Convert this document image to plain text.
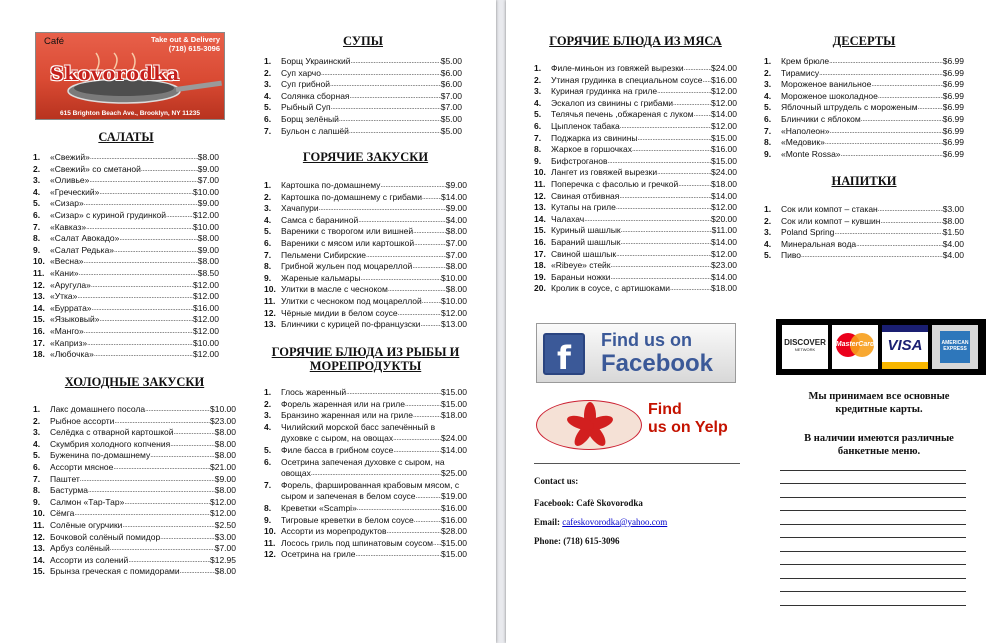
Café	Take out & Delivery
(718) 615-3096
Skovorodka
615 Brighton Beach Ave., Brooklyn, NY 11235
САЛАТЫ
1.	«Свежий» .....	$8.00
2.	«Свежий» со сметаной .....	$9.00
3.	«Оливье» .....	$7.00
4.	«Греческий» .....	$10.00
5.	«Сизар» .....	$9.00
6.	«Сизар» с куриной грудинкой .....	$12.00
7.	«Кавказ» .....	$10.00
8.	«Салат Авокадо» .....	$8.00
9.	«Салат Редька» .....	$9.00
10. «Весна» .....	$8.00
11. «Кани» .....	$8.50
12. «Аругула» .....	$12.00
13. «Утка» .....	$12.00
14. «Буррата» .....	$16.00
15. «Языковый» .....	$12.00
16. «Манго» .....	$12.00
17. «Каприз» .....	$10.00
18. «Любочка» .....	$12.00
ХОЛОДНЫЕ ЗАКУСКИ
1.	Лакс домашнего посола .....	$10.00
2.	Рыбное ассорти .....	$23.00
3.	Селёдка с отварной картошкой .....	$8.00
4.	Скумбрия холодного копчения .....	$8.00
5.	Буженина по-домашнему .....	$8.00
6.	Ассорти мясное .....	$21.00
7.	Паштет .....	$9.00
8.	Бастурма .....	$8.00
9.	Салмон «Тар-Тар» .....	$12.00
10. Сёмга .....	$12.00
11. Солёные огурчики .....	$2.50
12. Бочковой солёный помидор .....	$3.00
13. Арбуз солёный .....	$7.00
14. Ассорти из солений .....	$12.95
15. Брынза греческая с помидорами .....	$8.00
СУПЫ
1.	Борщ Украинский .....	$5.00
2.	Суп харчо .....	$6.00
3.	Суп грибной .....	$6.00
4.	Солянка сборная .....	$7.00
5.	Рыбный Суп .....	$7.00
6.	Борщ зелёный .....	$5.00
7.	Бульон с лапшёй .....	$5.00
ГОРЯЧИЕ ЗАКУСКИ
1.	Картошка по-домашнему .....	$9.00
2.	Картошка по-домашнему с грибами ..... $14.00
3.	Хачапури .....	$9.00
4.	Самса с бараниной .....	$4.00
5.	Вареники с творогом или вишней .....	$8.00
6.	Вареники с мясом или картошкой .....	$7.00
7.	Пельмени Сибирские .....	$7.00
8.	Грибной жульен под моцареллой .....	$8.00
9.	Жареные кальмары .....	$10.00
10. Улитки в масле с чесноком .....	$8.00
11. Улитки с чесноком под моцареллой ..... $10.00
12. Чёрные мидии в белом соусе .....	$12.00
13. Блинчики с курицей по-французски ..... $13.00
ГОРЯЧИЕ БЛЮДА ИЗ РЫБЫ И
МОРЕПРОДУКТЫ
1.	Глось жаренный .....	$15.00
2.	Форель жаренная или на гриле .....	$15.00
3.	Бранзино жаренная или на гриле .....	$18.00
4.	Чилийский морской басс запечённый в
духовке с сыром, на овощах .....	$24.00
5.	Филе басса в грибном соусе .....	$14.00
6.	Осетрина запеченая духовке с сыром, на
овощах .....	$25.00
7.	Форель, фаршированная крабовым мясом, с
сыром и запеченая в белом соусе .....	$19.00
8.	Креветки «Scampi» .....	$16.00
9.	Тигровые креветки в белом соусе .....	$16.00
10. Ассорти из морепродуктов .....	$28.00
11. Лосось гриль под шпинатовым соусом ..... $15.00
12. Осетрина на гриле .....	$15.00
ГОРЯЧИЕ БЛЮДА ИЗ МЯСА
1.	Филе-миньон из говяжей вырезки .....	$24.00
2.	Утиная грудинка в специальном соусе ..... $16.00
3.	Куриная грудинка на гриле .....	$12.00
4.	Эскалоп из свинины с грибами .....	$12.00
5.	Телячья печень ,обжареная с луком ..... $14.00
6.	Цыпленок табака .....	$12.00
7.	Поджарка из свинины .....	$15.00
8.	Жаркое в горшочках .....	$16.00
9.	Бифстроганов .....	$15.00
10. Лангет из говяжей вырезки .....	$24.00
11. Поперечка с фасолью и гречкой .....	$18.00
12. Свиная отбивная .....	$14.00
13. Кутапы на гриле .....	$12.00
14. Чалахач .....	$20.00
15. Куриный шашлык .....	$11.00
16. Бараний шашлык .....	$14.00
17. Свиной шашлык .....	$12.00
18. «Ribeye» стейк .....	$23.00
19. Бараньи ножки .....	$14.00
20. Кролик в соусе, с артишоками .....	$18.00
ДЕСЕРТЫ
1.	Крем брюле .....	$6.99
2.	Тирамису .....	$6.99
3.	Мороженое ванильное .....	$6.99
4.	Мороженое шоколадное .....	$6.99
5.	Яблочный штрудель с мороженым .....	$6.99
6.	Блинчики с яблоком .....	$6.99
7.	«Наполеон» .....	$6.99
8.	«Медовик» .....	$6.99
9.	«Monte Rossa» .....	$6.99
НАПИТКИ
1.	Сок или компот – стакан .....	$3.00
2.	Сок или компот – кувшин .....	$8.00
3.	Poland Spring .....	$1.50
4.	Минеральная вода .....	$4.00
5.	Пиво .....	$4.00
f	Find us on
Facebook
Find
us on Yelp
Contact us:
Facebook: Cafè Skovorodka
Email: cafeskovorodka@yahoo.com
Phone: (718) 615-3096
DISCOVER
NETWORK
MasterCard VISA	AMERICAN EXPRESS
Мы принимаем все основные кредитные карты.
В наличии имеются различные банкетные меню.
